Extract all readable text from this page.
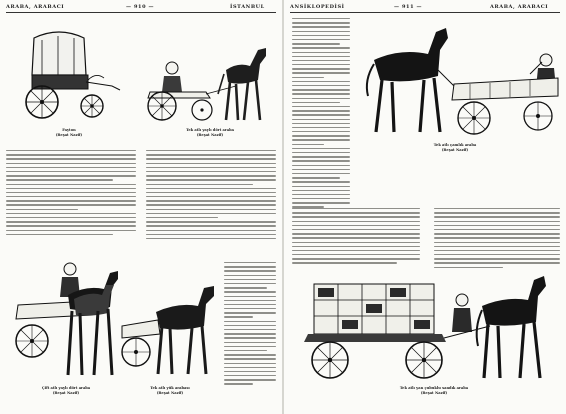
ARABA, ARABACI	— 910 —	İSTANBUL
Fayton
(Reşat Nazif)
Tek atlı yaylı dört araba
(Reşat Nazif)
Çift atlı yaylı dört araba
(Reşat Nazif)
Tek atlı yük arabası
(Reşat Nazif)
ANSİKLOPEDİSİ	— 911 —	ARABA, ARABACI
Tek atlı çamlık araba
(Reşat Nazif)
Tek atlı yan çubuklu sandık araba
(Reşat Nazif)
